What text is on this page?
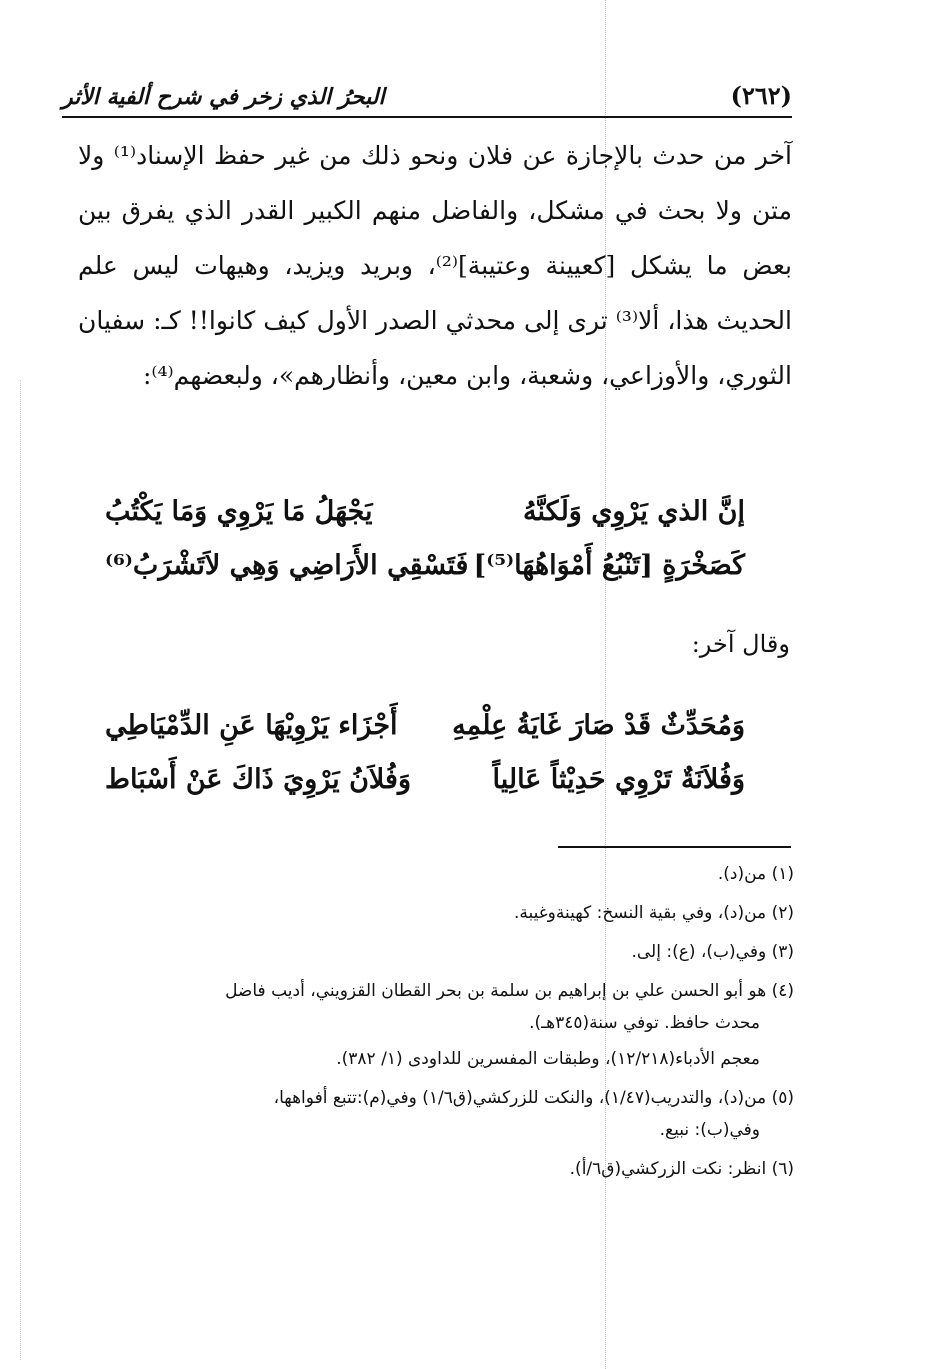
(٢٦٢)
البحرُ الذي زخر في شرح ألفية الأثر

آخر من حدث بالإجازة عن فلان ونحو ذلك من غير حفظ الإسناد⁽¹⁾ ولا متن ولا بحث في مشكل، والفاضل منهم الكبير القدر الذي يفرق بين بعض ما يشكل [كعيينة وعتيبة]⁽²⁾، وبريد ويزيد، وهيهات ليس علم الحديث هذا، ألا⁽³⁾ ترى إلى محدثي الصدر الأول كيف كانوا!! كـ: سفيان الثوري، والأوزاعي، وشعبة، وابن معين، وأنظارهم»، ولبعضهم⁽⁴⁾:

إنَّ الذي يَرْوِي وَلَكنَّهُ
يَجْهَلُ مَا يَرْوِي وَمَا يَكْتُبُ
كَصَخْرَةٍ [تَنْبُعُ أَمْوَاهُهَا⁽⁵⁾]
فَتَسْقِي الأَرَاضِي وَهِي لاَتَشْرَبُ⁽⁶⁾
وقال آخر:
وَمُحَدِّثٌ قَدْ صَارَ غَايَةُ عِلْمِهِ
أَجْزَاء يَرْوِيْهَا عَنِ الدِّمْيَاطِي
وَفُلاَنَةٌ تَرْوِي حَدِيْثاً عَالِياً
وَفُلاَنُ يَرْوِيَ ذَاكَ عَنْ أَسْبَاط
(١) من(د).
(٢) من(د)، وفي بقية النسخ: كهينةوغيبة.
(٣) وفي(ب)، (ع): إلى.
(٤) هو أبو الحسن علي بن إبراهيم بن سلمة بن بحر القطان القزويني، أديب فاضل
محدث حافظ. توفي سنة(٣٤٥هـ).
معجم الأدباء(١٢/٢١٨)، وطبقات المفسرين للداودى (١/ ٣٨٢).
(٥) من(د)، والتدريب(١/٤٧)، والنكت للزركشي(ق١/٦) وفي(م):تتبع أفواهها،
وفي(ب): نبيع.
(٦) انظر: نكت الزركشي(ق٦/أ).
